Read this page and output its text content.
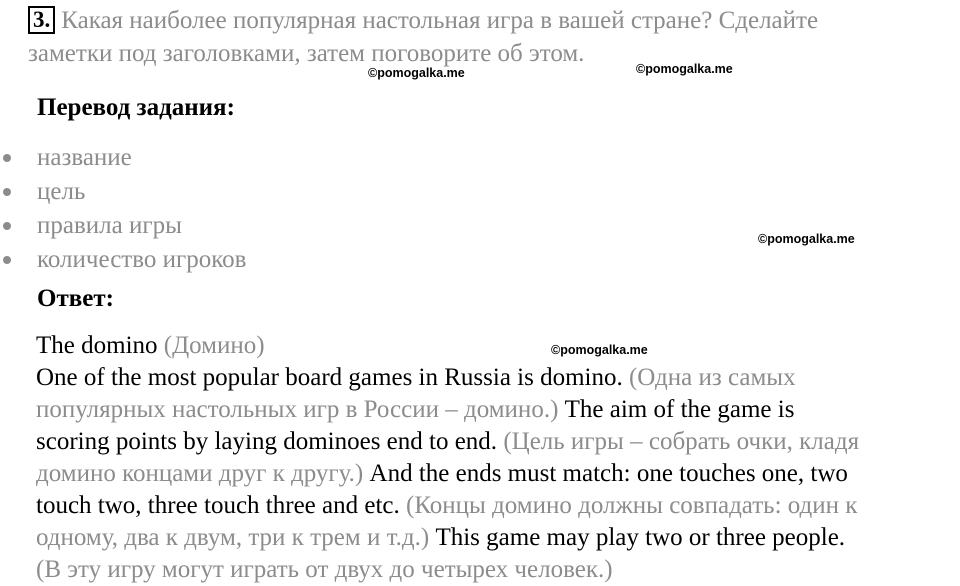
3. Какая наиболее популярная настольная игра в вашей стране? Сделайте
заметки под заголовками, затем поговорите об этом.
Перевод задания:
название
цель
правила игры
количество игроков
Ответ:
The domino (Домино)
One of the most popular board games in Russia is domino. (Одна из самых
популярных настольных игр в России – домино.) The aim of the game is
scoring points by laying dominoes end to end. (Цель игры – собрать очки, кладя
домино концами друг к другу.) And the ends must match: one touches one, two
touch two, three touch three and etc. (Концы домино должны совпадать: один к
одному, два к двум, три к трем и т.д.) This game may play two or three people.
(В эту игру могут играть от двух до четырех человек.)
©pomogalka.me	©pomogalka.me
©pomogalka.me
©pomogalka.me
